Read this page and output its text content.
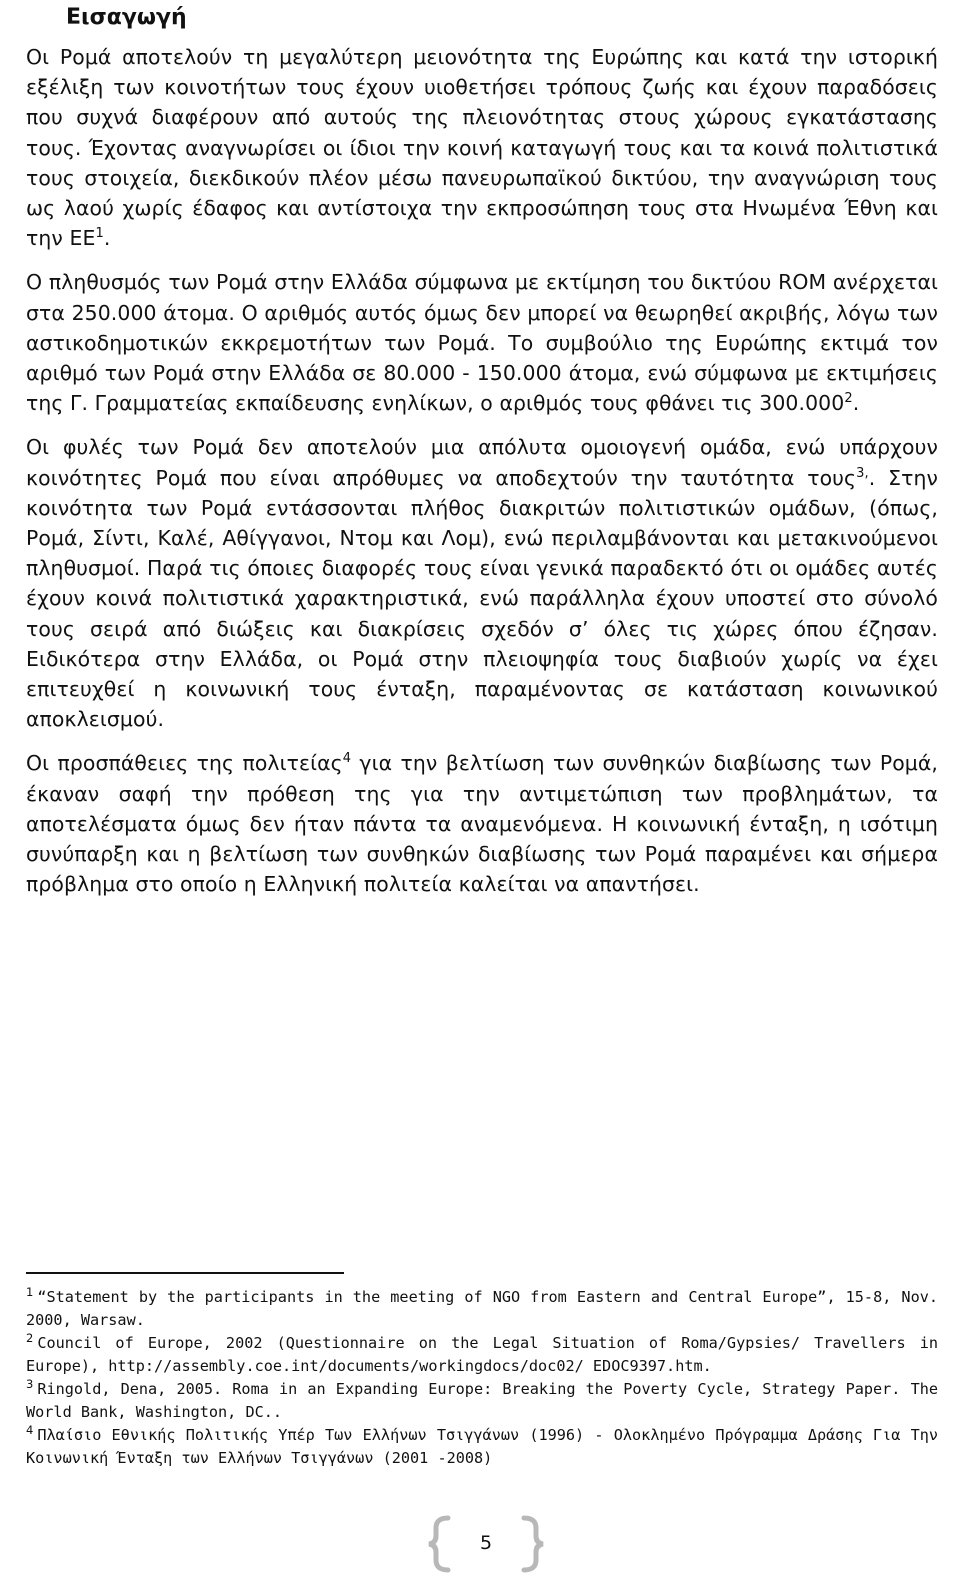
Εισαγωγή

Οι Ρομά αποτελούν τη μεγαλύτερη μειονότητα της Ευρώπης και κατά την ιστορική εξέλιξη των κοινοτήτων τους έχουν υιοθετήσει τρόπους ζωής και έχουν παραδόσεις που συχνά διαφέρουν από αυτούς της πλειονότητας στους χώρους εγκατάστασης τους. Έχοντας αναγνωρίσει οι ίδιοι την κοινή καταγωγή τους και τα κοινά πολιτιστικά τους στοιχεία, διεκδικούν πλέον μέσω πανευρωπαϊκού δικτύου, την αναγνώριση τους ως λαού χωρίς έδαφος και αντίστοιχα την εκπροσώπηση τους στα Ηνωμένα Έθνη και την $EE^1$.

Ο πληθυσμός των Ρομά στην Ελλάδα σύμφωνα με εκτίμηση του δικτύου ROM ανέρχεται στα 250.000 άτομα. Ο αριθμός αυτός όμως δεν μπορεί να θεωρηθεί ακριβής, λόγω των αστικοδημοτικών εκκρεμοτήτων των Ρομά. Το συμβούλιο της Ευρώπης εκτιμά τον αριθμό των Ρομά στην Ελλάδα σε 80.000 - 150.000 άτομα, ενώ σύμφωνα με εκτιμήσεις της Γ. Γραμματείας εκπαίδευσης ενηλίκων, ο αριθμός τους φθάνει τις 300.000$^2$.

Οι φυλές των Ρομά δεν αποτελούν μια απόλυτα ομοιογενή ομάδα, ενώ υπάρχουν κοινότητες Ρομά που είναι απρόθυμες να αποδεχτούν την ταυτότητα τους$^{3,}$. Στην κοινότητα των Ρομά εντάσσονται πλήθος διακριτών πολιτιστικών ομάδων, (όπως, Ρομά, Σίντι, Καλέ, Αθίγγανοι, Ντομ και Λομ), ενώ περιλαμβάνονται και μετακινούμενοι πληθυσμοί. Παρά τις όποιες διαφορές τους είναι γενικά παραδεκτό ότι οι ομάδες αυτές έχουν κοινά πολιτιστικά χαρακτηριστικά, ενώ παράλληλα έχουν υποστεί στο σύνολό τους σειρά από διώξεις και διακρίσεις σχεδόν σ’ όλες τις χώρες όπου έζησαν. Ειδικότερα στην Ελλάδα, οι Ρομά στην πλειοψηφία τους διαβιούν χωρίς να έχει επιτευχθεί η κοινωνική τους ένταξη, παραμένοντας σε κατάσταση κοινωνικού αποκλεισμού.

Οι προσπάθειες της πολιτείας$^4$ για την βελτίωση των συνθηκών διαβίωσης των Ρομά, έκαναν σαφή την πρόθεση της για την αντιμετώπιση των προβλημάτων, τα αποτελέσματα όμως δεν ήταν πάντα τα αναμενόμενα. Η κοινωνική ένταξη, η ισότιμη συνύπαρξη και η βελτίωση των συνθηκών διαβίωσης των Ρομά παραμένει και σήμερα πρόβλημα στο οποίο η Ελληνική πολιτεία καλείται να απαντήσει.

$^1$ “Statement by the participants in the meeting of NGO from Eastern and Central Europe”, 15-8, Nov. 2000, Warsaw.

$^2$ Council of Europe, 2002 (Questionnaire on the Legal Situation of Roma/Gypsies/ Travellers in Europe), http://assembly.coe.int/documents/workingdocs/doc02/ EDOC9397.htm.

$^3$ Ringold, Dena, 2005. Roma in an Expanding Europe: Breaking the Poverty Cycle, Strategy Paper. The World Bank, Washington, DC..

$^4$ Πλαίσιο Εθνικής Πολιτικής Υπέρ Των Ελλήνων Τσιγγάνων (1996) - Ολοκλημένο Πρόγραμμα Δράσης Για Την Κοινωνική Ένταξη των Ελλήνων Τσιγγάνων (2001 -2008)

5
